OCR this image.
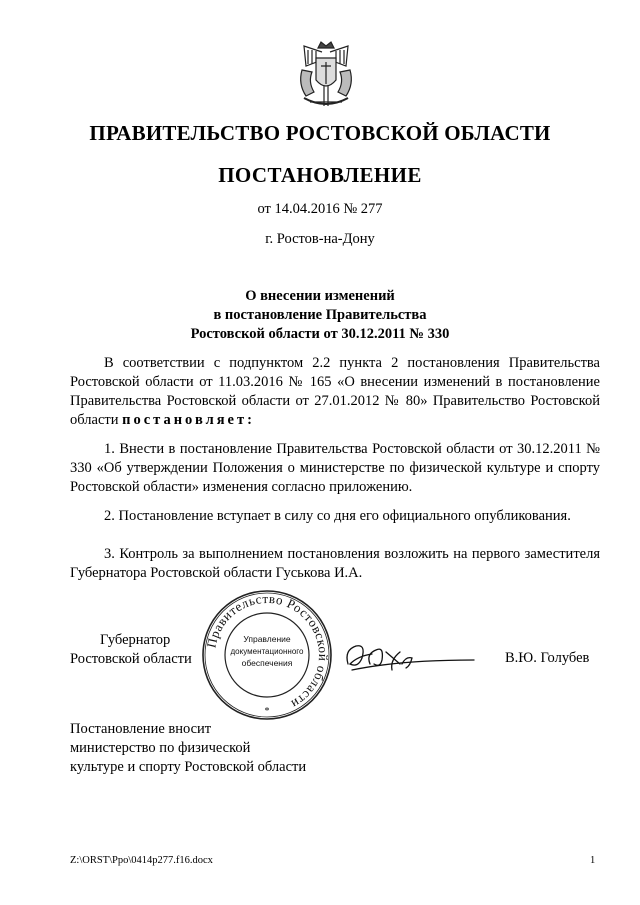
ПРАВИТЕЛЬСТВО РОСТОВСКОЙ ОБЛАСТИ
ПОСТАНОВЛЕНИЕ
от 14.04.2016 № 277
г. Ростов-на-Дону
О внесении изменений
в постановление Правительства
Ростовской области от 30.12.2011 № 330
В соответствии с подпунктом 2.2 пункта 2 постановления Правительства Ростовской области от 11.03.2016 № 165 «О внесении изменений в постановление Правительства Ростовской области от 27.01.2012 № 80» Правительство Ростовской области постановляет:
1. Внести в постановление Правительства Ростовской области от 30.12.2011 № 330 «Об утверждении Положения о министерстве по физической культуре и спорту Ростовской области» изменения согласно приложению.
2. Постановление вступает в силу со дня его официального опубликования.
3. Контроль за выполнением постановления возложить на первого заместителя Губернатора Ростовской области Гуськова И.А.
Губернатор
Ростовской области
Правительство Ростовской области
Управление
документационного
обеспечения
*
В.Ю. Голубев
Постановление вносит
министерство по физической
культуре и спорту Ростовской области
Z:\ORST\Ppo\0414p277.f16.docx	1
